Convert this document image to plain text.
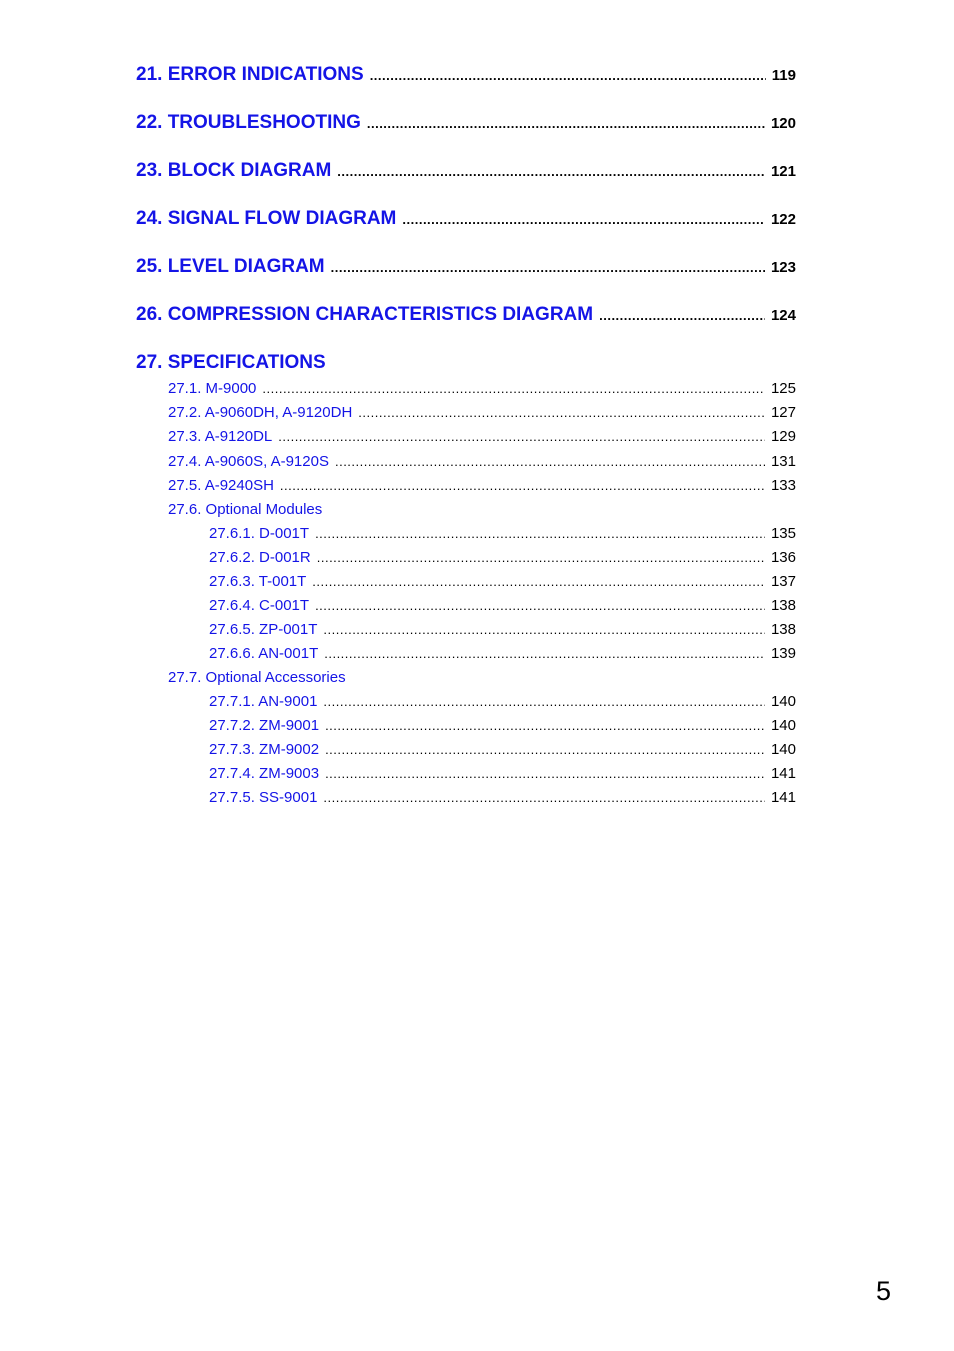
21. ERROR INDICATIONS .....	119
22. TROUBLESHOOTING .....	120
23. BLOCK DIAGRAM .....	121
24. SIGNAL FLOW DIAGRAM .....	122
25. LEVEL DIAGRAM .....	123
26. COMPRESSION CHARACTERISTICS DIAGRAM .....	124
27. SPECIFICATIONS
27.1. M-9000 .....	125
27.2. A-9060DH, A-9120DH .....	127
27.3. A-9120DL .....	129
27.4. A-9060S, A-9120S .....	131
27.5. A-9240SH .....	133
27.6. Optional Modules
27.6.1. D-001T .....	135
27.6.2. D-001R .....	136
27.6.3. T-001T .....	137
27.6.4. C-001T .....	138
27.6.5. ZP-001T .....	138
27.6.6. AN-001T .....	139
27.7. Optional Accessories
27.7.1. AN-9001 .....	140
27.7.2. ZM-9001 .....	140
27.7.3. ZM-9002 .....	140
27.7.4. ZM-9003 .....	141
27.7.5. SS-9001 .....	141
5
